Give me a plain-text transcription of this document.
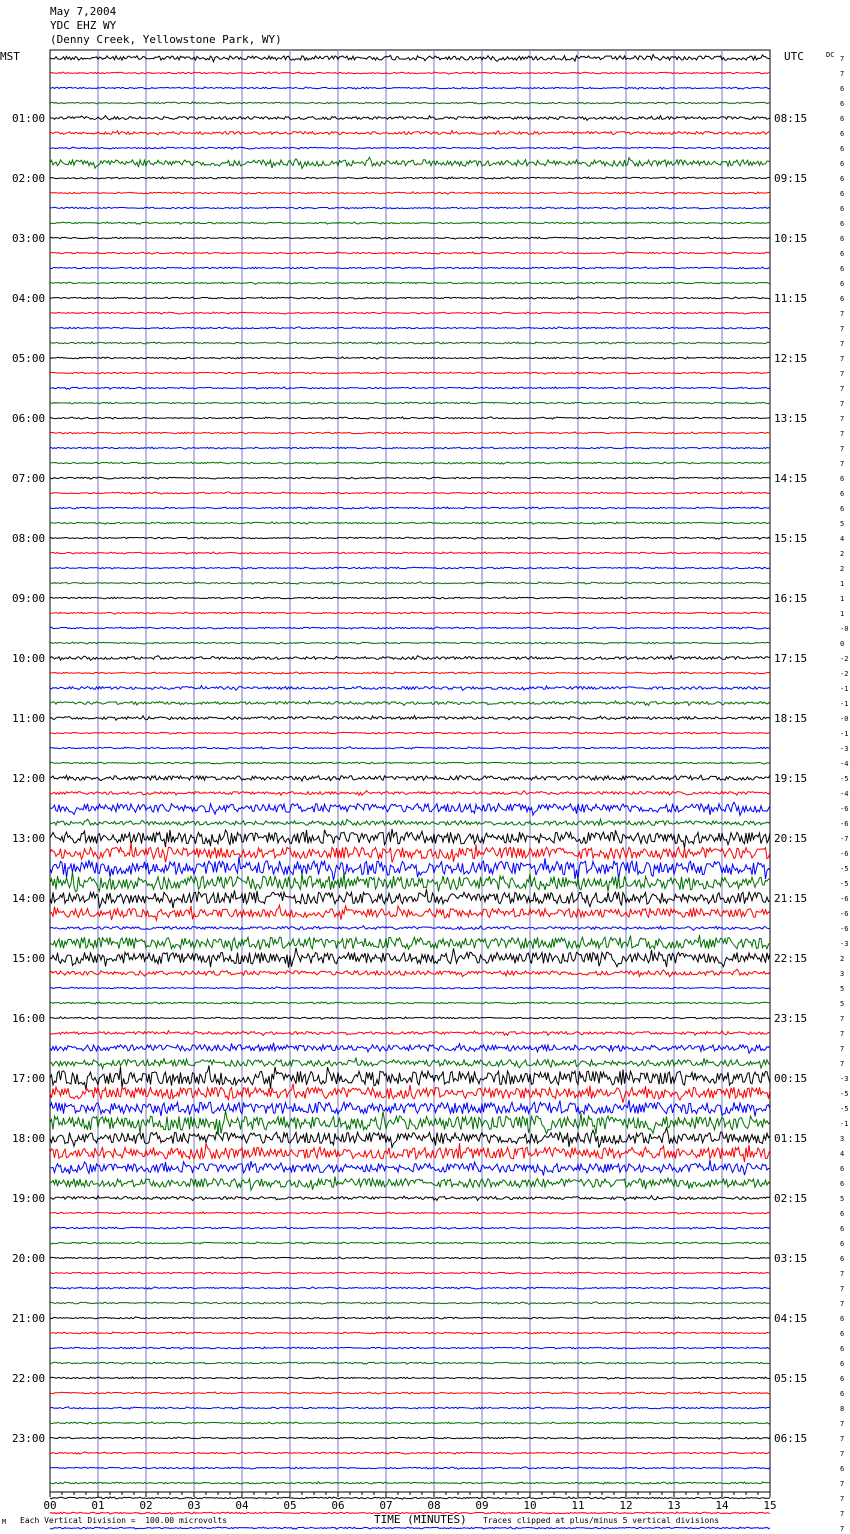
May 7,2004
YDC EHZ WY
(Denny Creek, Yellowstone Park, WY)
MST	UTC	DC
00	01	02	03	04	05	06	07	08	09	10	11	12	13	14	15
7
7
6
6
6
01:00	08:15
6
6
6
6
02:00	09:15
6
6
6
6
03:00	10:15
6
6
6
6
04:00	11:15
7
7
7
7
05:00	12:15
7
7
7
7
06:00	13:15
7
7
7
6
07:00	14:15
6
6
5
4
08:00	15:15
2
2
1
1
09:00	16:15
1
-0
0
-2
10:00	17:15
-2
-1
-1
-0
11:00	18:15
-1
-3
-4
-5
12:00	19:15
-4
-6
-6
-7
13:00	20:15
-6
-5
-5
-6
14:00	21:15
-6
-6
-3
2
15:00	22:15
3
5
5
7
16:00	23:15
7
7
7
-3
17:00	00:15
-5
-5
-1
3
18:00	01:15
4
6
6
5
19:00	02:15
6
6
6
6
20:00	03:15
7
7
7
6
21:00	04:15
6
6
6
6
22:00	05:15
6
8
7
7
23:00	06:15
7
6
7
7
7
7
M Each Vertical Division =  100.00 microvolts	TIME (MINUTES) Traces clipped at plus/minus 5 vertical divisions
